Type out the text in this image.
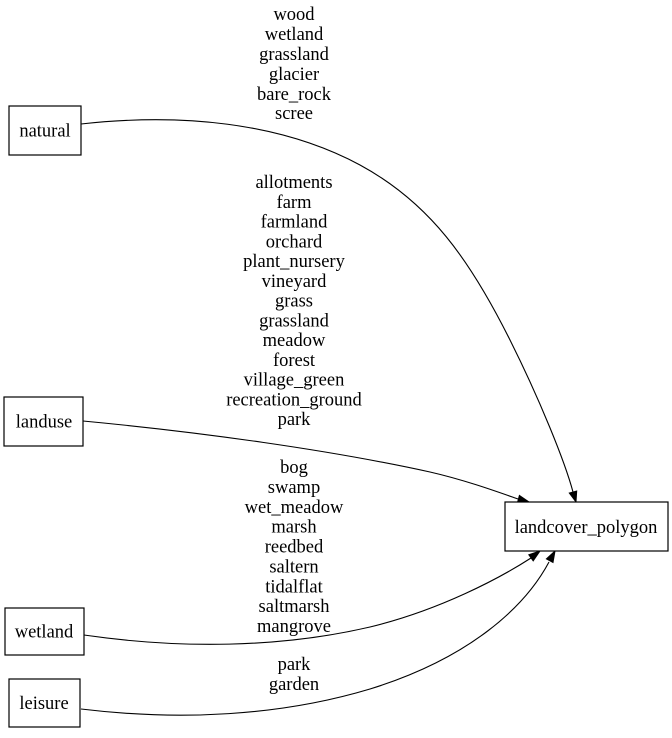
wood
wetland
grassland
glacier
bare_rock
scree
allotments
farm
farmland
orchard
plant_nursery
vineyard
grass
grassland
meadow
forest
village_green
recreation_ground
park
bog
swamp
wet_meadow
marsh
reedbed
saltern
tidalflat
saltmarsh
mangrove
park
garden
natural
landuse
wetland
leisure
landcover_polygon
